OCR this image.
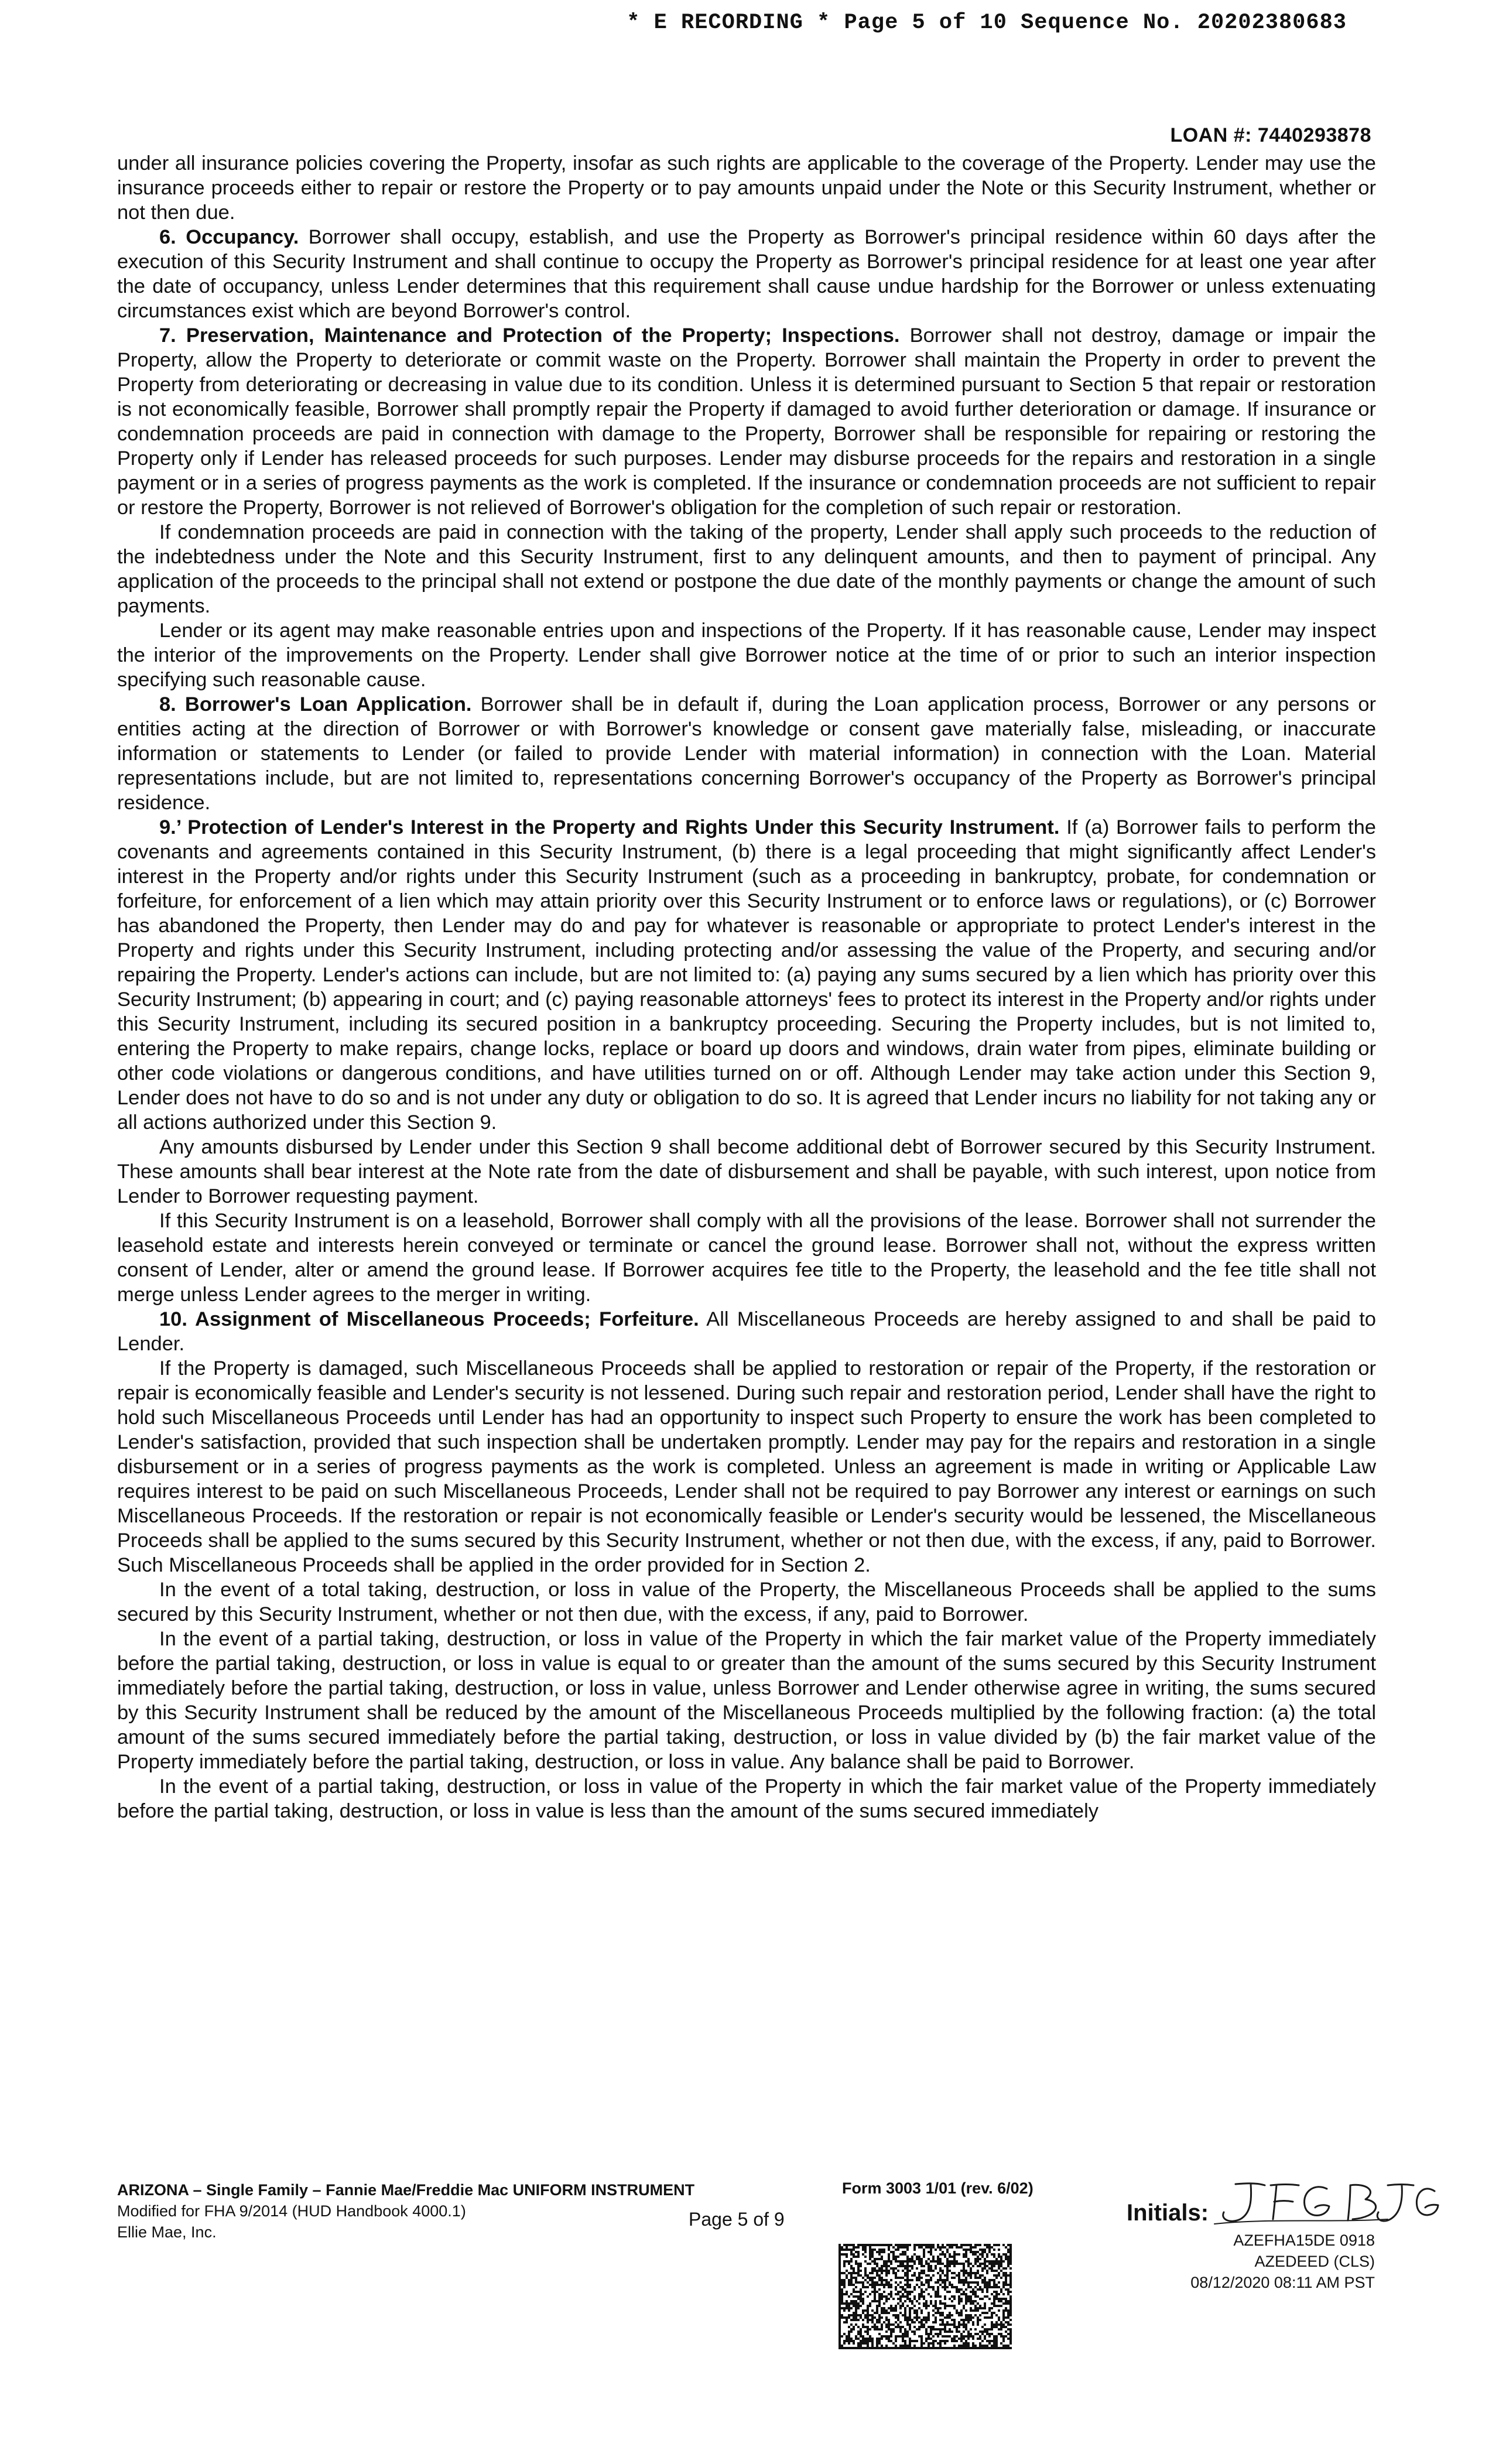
* E RECORDING * Page 5 of 10 Sequence No. 20202380683
LOAN #: 7440293878

under all insurance policies covering the Property, insofar as such rights are applicable to the coverage of the Property. Lender may use the insurance proceeds either to repair or restore the Property or to pay amounts unpaid under the Note or this Security Instrument, whether or not then due.

6. Occupancy. Borrower shall occupy, establish, and use the Property as Borrower's principal residence within 60 days after the execution of this Security Instrument and shall continue to occupy the Property as Borrower's principal residence for at least one year after the date of occupancy, unless Lender determines that this requirement shall cause undue hardship for the Borrower or unless extenuating circumstances exist which are beyond Borrower's control.

7. Preservation, Maintenance and Protection of the Property; Inspections. Borrower shall not destroy, damage or impair the Property, allow the Property to deteriorate or commit waste on the Property. Borrower shall maintain the Property in order to prevent the Property from deteriorating or decreasing in value due to its condition. Unless it is determined pursuant to Section 5 that repair or restoration is not economically feasible, Borrower shall promptly repair the Property if damaged to avoid further deterioration or damage. If insurance or condemnation proceeds are paid in connection with damage to the Property, Borrower shall be responsible for repairing or restoring the Property only if Lender has released proceeds for such purposes. Lender may disburse proceeds for the repairs and restoration in a single payment or in a series of progress payments as the work is completed. If the insurance or condemnation proceeds are not sufficient to repair or restore the Property, Borrower is not relieved of Borrower's obligation for the completion of such repair or restoration.

If condemnation proceeds are paid in connection with the taking of the property, Lender shall apply such proceeds to the reduction of the indebtedness under the Note and this Security Instrument, first to any delinquent amounts, and then to payment of principal. Any application of the proceeds to the principal shall not extend or postpone the due date of the monthly payments or change the amount of such payments.

Lender or its agent may make reasonable entries upon and inspections of the Property. If it has reasonable cause, Lender may inspect the interior of the improvements on the Property. Lender shall give Borrower notice at the time of or prior to such an interior inspection specifying such reasonable cause.

8. Borrower's Loan Application. Borrower shall be in default if, during the Loan application process, Borrower or any persons or entities acting at the direction of Borrower or with Borrower's knowledge or consent gave materially false, misleading, or inaccurate information or statements to Lender (or failed to provide Lender with material information) in connection with the Loan. Material representations include, but are not limited to, representations concerning Borrower's occupancy of the Property as Borrower's principal residence.

9.’ Protection of Lender's Interest in the Property and Rights Under this Security Instrument. If (a) Borrower fails to perform the covenants and agreements contained in this Security Instrument, (b) there is a legal proceeding that might significantly affect Lender's interest in the Property and/or rights under this Security Instrument (such as a proceeding in bankruptcy, probate, for condemnation or forfeiture, for enforcement of a lien which may attain priority over this Security Instrument or to enforce laws or regulations), or (c) Borrower has abandoned the Property, then Lender may do and pay for whatever is reasonable or appropriate to protect Lender's interest in the Property and rights under this Security Instrument, including protecting and/or assessing the value of the Property, and securing and/or repairing the Property. Lender's actions can include, but are not limited to: (a) paying any sums secured by a lien which has priority over this Security Instrument; (b) appearing in court; and (c) paying reasonable attorneys' fees to protect its interest in the Property and/or rights under this Security Instrument, including its secured position in a bankruptcy proceeding. Securing the Property includes, but is not limited to, entering the Property to make repairs, change locks, replace or board up doors and windows, drain water from pipes, eliminate building or other code violations or dangerous conditions, and have utilities turned on or off. Although Lender may take action under this Section 9, Lender does not have to do so and is not under any duty or obligation to do so. It is agreed that Lender incurs no liability for not taking any or all actions authorized under this Section 9.

Any amounts disbursed by Lender under this Section 9 shall become additional debt of Borrower secured by this Security Instrument. These amounts shall bear interest at the Note rate from the date of disbursement and shall be payable, with such interest, upon notice from Lender to Borrower requesting payment.

If this Security Instrument is on a leasehold, Borrower shall comply with all the provisions of the lease. Borrower shall not surrender the leasehold estate and interests herein conveyed or terminate or cancel the ground lease. Borrower shall not, without the express written consent of Lender, alter or amend the ground lease. If Borrower acquires fee title to the Property, the leasehold and the fee title shall not merge unless Lender agrees to the merger in writing.

10. Assignment of Miscellaneous Proceeds; Forfeiture. All Miscellaneous Proceeds are hereby assigned to and shall be paid to Lender.

If the Property is damaged, such Miscellaneous Proceeds shall be applied to restoration or repair of the Property, if the restoration or repair is economically feasible and Lender's security is not lessened. During such repair and restoration period, Lender shall have the right to hold such Miscellaneous Proceeds until Lender has had an opportunity to inspect such Property to ensure the work has been completed to Lender's satisfaction, provided that such inspection shall be undertaken promptly. Lender may pay for the repairs and restoration in a single disbursement or in a series of progress payments as the work is completed. Unless an agreement is made in writing or Applicable Law requires interest to be paid on such Miscellaneous Proceeds, Lender shall not be required to pay Borrower any interest or earnings on such Miscellaneous Proceeds. If the restoration or repair is not economically feasible or Lender's security would be lessened, the Miscellaneous Proceeds shall be applied to the sums secured by this Security Instrument, whether or not then due, with the excess, if any, paid to Borrower. Such Miscellaneous Proceeds shall be applied in the order provided for in Section 2.

In the event of a total taking, destruction, or loss in value of the Property, the Miscellaneous Proceeds shall be applied to the sums secured by this Security Instrument, whether or not then due, with the excess, if any, paid to Borrower.

In the event of a partial taking, destruction, or loss in value of the Property in which the fair market value of the Property immediately before the partial taking, destruction, or loss in value is equal to or greater than the amount of the sums secured by this Security Instrument immediately before the partial taking, destruction, or loss in value, unless Borrower and Lender otherwise agree in writing, the sums secured by this Security Instrument shall be reduced by the amount of the Miscellaneous Proceeds multiplied by the following fraction: (a) the total amount of the sums secured immediately before the partial taking, destruction, or loss in value divided by (b) the fair market value of the Property immediately before the partial taking, destruction, or loss in value. Any balance shall be paid to Borrower.

In the event of a partial taking, destruction, or loss in value of the Property in which the fair market value of the Property immediately before the partial taking, destruction, or loss in value is less than the amount of the sums secured immediately

ARIZONA – Single Family – Fannie Mae/Freddie Mac UNIFORM INSTRUMENT
Modified for FHA 9/2014 (HUD Handbook 4000.1)
Ellie Mae, Inc.
Form 3003 1/01 (rev. 6/02)
Page 5 of 9	Initials:
JFG BJG
AZEFHA15DE 0918
AZEDEED (CLS)
08/12/2020 08:11 AM PST
